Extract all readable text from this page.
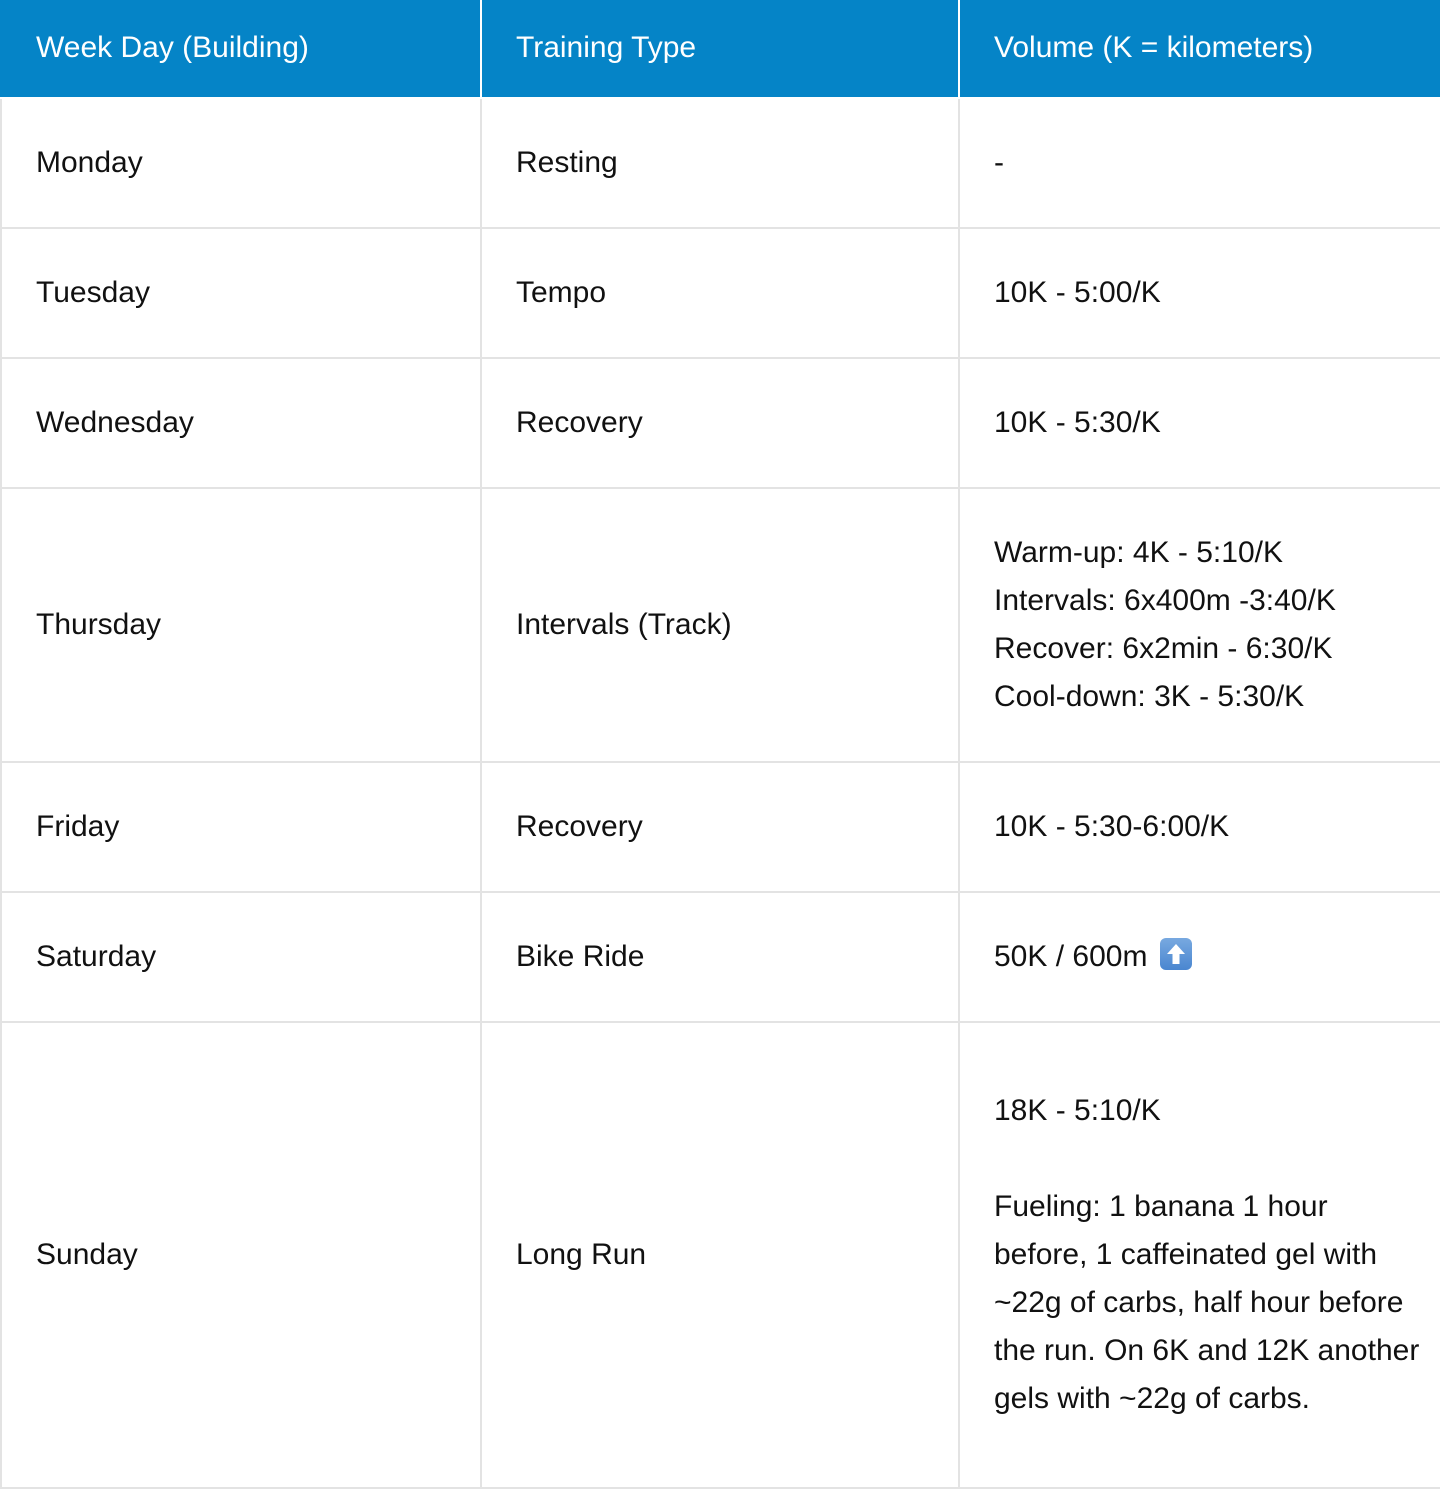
Week Day (Building)	Training Type	Volume (K = kilometers)
Monday	Resting	-
Tuesday	Tempo	10K - 5:00/K
Wednesday	Recovery	10K - 5:30/K
Thursday	Intervals (Track)	Warm-up: 4K - 5:10/K
Intervals: 6x400m -3:40/K
Recover: 6x2min - 6:30/K
Cool-down: 3K - 5:30/K

Friday	Recovery	10K - 5:30-6:00/K
Saturday	Bike Ride	50K / 600m

Sunday	Long Run	18K - 5:10/K
Fueling: 1 banana 1 hour before, 1 caffeinated gel with ~22g of carbs, half hour before the run. On 6K and 12K another gels with ~22g of carbs.
